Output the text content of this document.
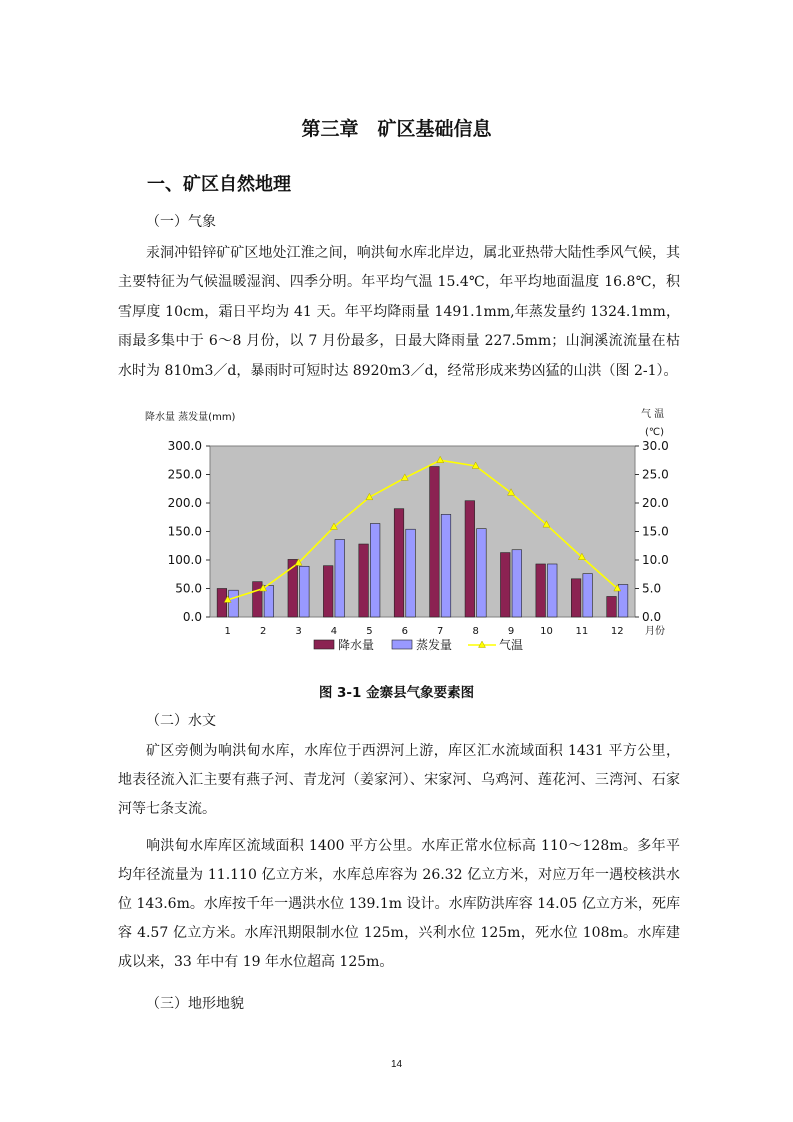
第三章　矿区基础信息
一、矿区自然地理
（一）气象
汞洞冲铅锌矿矿区地处江淮之间，响洪甸水库北岸边，属北亚热带大陆性季风气候，其主要特征为气候温暖湿润、四季分明。年平均气温 15.4℃，年平均地面温度 16.8℃，积雪厚度 10cm，霜日平均为 41 天。年平均降雨量 1491.1mm,年蒸发量约 1324.1mm，雨最多集中于 6～8 月份，以 7 月份最多，日最大降雨量 227.5mm；山涧溪流流量在枯水时为 810m3／d，暴雨时可短时达 8920m3／d，经常形成来势凶猛的山洪（图 2-1）。
降水量 蒸发量(mm)	气 温
(℃)
300.0
250.0
200.0
150.0
100.0
50.0
0.0
30.0
25.0
20.0
15.0
10.0
5.0
0.0
1	2	3	4	5	6	7	8	9	10 11 12 月份
降水量	蒸发量	气温
图 3-1 金寨县气象要素图
（二）水文
矿区旁侧为响洪甸水库，水库位于西淠河上游，库区汇水流域面积 1431 平方公里，地表径流入汇主要有燕子河、青龙河（姜家河）、宋家河、乌鸡河、莲花河、三湾河、石家河等七条支流。
响洪甸水库库区流域面积 1400 平方公里。水库正常水位标高 110～128m。多年平均年径流量为 11.110 亿立方米，水库总库容为 26.32 亿立方米，对应万年一遇校核洪水位 143.6m。水库按千年一遇洪水位 139.1m 设计。水库防洪库容 14.05 亿立方米，死库容 4.57 亿立方米。水库汛期限制水位 125m，兴利水位 125m，死水位 108m。水库建成以来，33 年中有 19 年水位超高 125m。
（三）地形地貌
14
